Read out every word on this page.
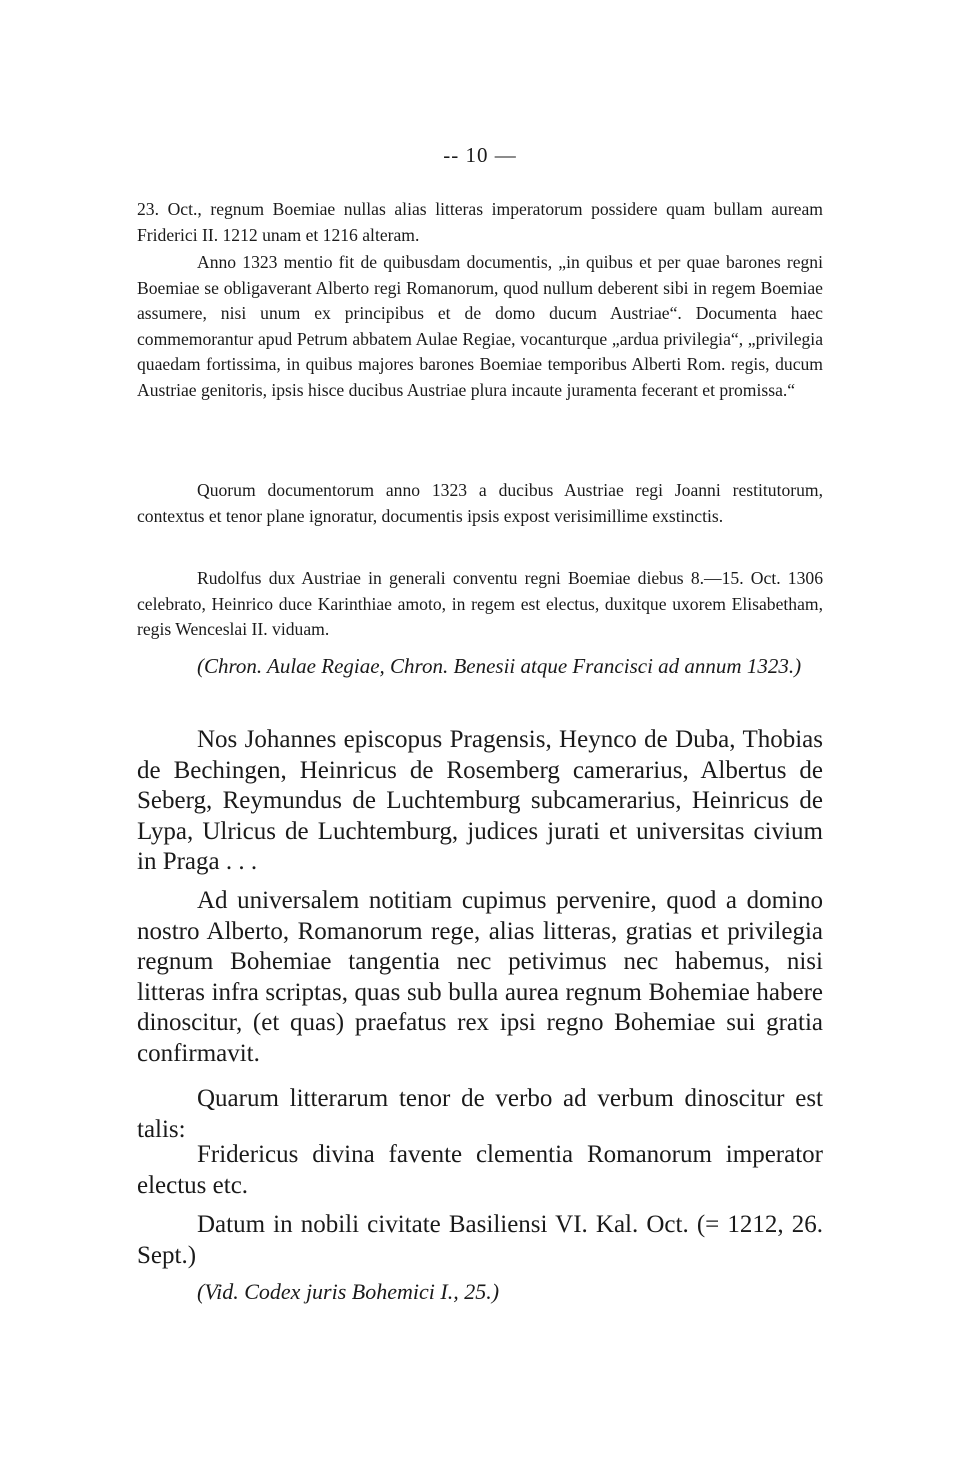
-- 10 —

23. Oct., regnum Boemiae nullas alias litteras imperatorum possidere quam bullam auream Friderici II. 1212 unam et 1216 alteram.

Anno 1323 mentio fit de quibusdam documentis, „in quibus et per quae barones regni Boemiae se obligaverant Alberto regi Romanorum, quod nullum deberent sibi in regem Boemiae assumere, nisi unum ex principibus et de domo ducum Austriae“. Documenta haec commemorantur apud Petrum abbatem Aulae Regiae, vocanturque „ardua privilegia“, „privilegia quaedam fortissima, in quibus majores barones Boemiae temporibus Alberti Rom. regis, ducum Austriae genitoris, ipsis hisce ducibus Austriae plura incaute juramenta fecerant et promissa.“

Quorum documentorum anno 1323 a ducibus Austriae regi Joanni restitutorum, contextus et tenor plane ignoratur, documentis ipsis expost verisimillime exstinctis.

Rudolfus dux Austriae in generali conventu regni Boemiae diebus 8.—15. Oct. 1306 celebrato, Heinrico duce Karinthiae amoto, in regem est electus, duxitque uxorem Elisabetham, regis Wenceslai II. viduam.

(Chron. Aulae Regiae, Chron. Benesii atque Francisci ad annum 1323.)

Nos Johannes episcopus Pragensis, Heynco de Duba, Thobias de Bechingen, Heinricus de Rosemberg camerarius, Albertus de Seberg, Reymundus de Luchtemburg subcamerarius, Heinricus de Lypa, Ulricus de Luchtemburg, judices jurati et universitas civium in Praga . . .

Ad universalem notitiam cupimus pervenire, quod a domino nostro Alberto, Romanorum rege, alias litteras, gratias et privilegia regnum Bohemiae tangentia nec petivimus nec habemus, nisi litteras infra scriptas, quas sub bulla aurea regnum Bohemiae habere dinoscitur, (et quas) praefatus rex ipsi regno Bohemiae sui gratia confirmavit.

Quarum litterarum tenor de verbo ad verbum dinoscitur est talis:

Fridericus divina favente clementia Romanorum imperator electus etc.

Datum in nobili civitate Basiliensi VI. Kal. Oct. (= 1212, 26. Sept.)

(Vid. Codex juris Bohemici I., 25.)
